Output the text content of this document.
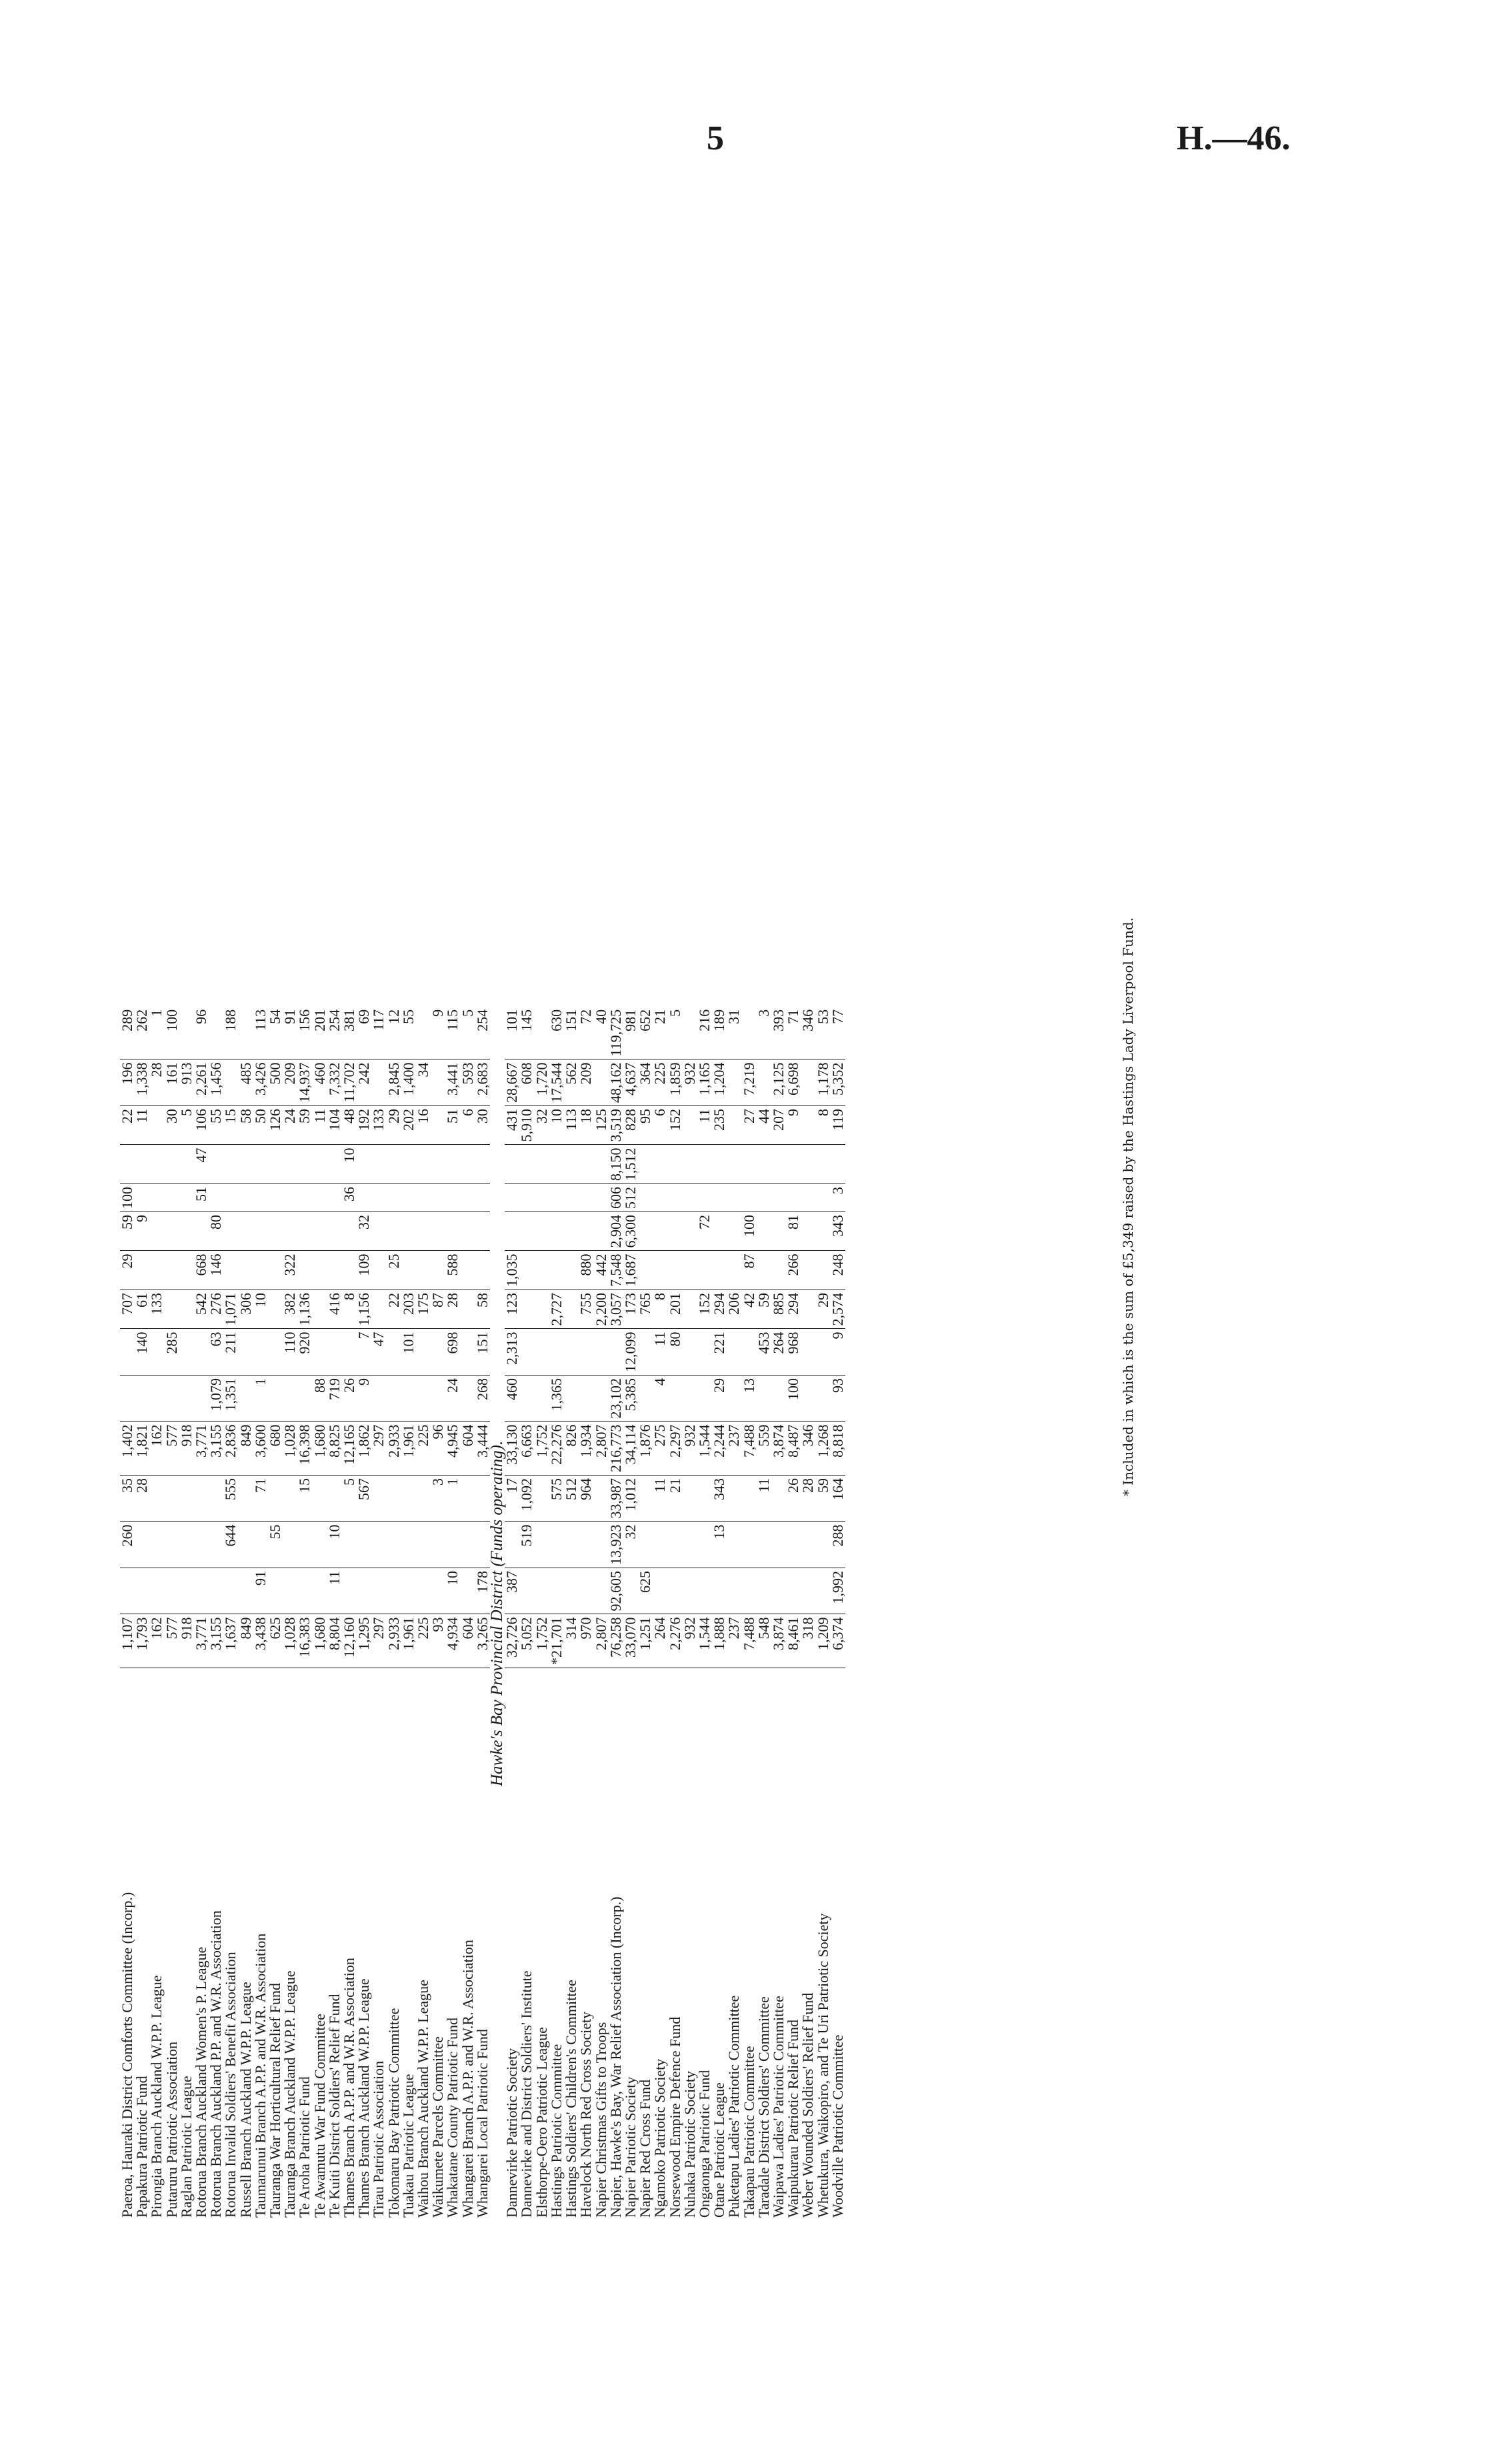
5	H.—46.
Paeroa, Hauraki District Comforts Committee (Incorp.)	1,107		260	35	1,402			707	29	59	100		22	196	289
Papakura Patriotic Fund	1,793			28	1,821		140	61		9			11	1,338	262
Pirongia Branch Auckland W.P.P. League	162				162			133						28	1
Putaruru Patriotic Association	577				577		285						30	161	100
Raglan Patriotic League	918				918								5	913	
Rotorua Branch Auckland Women's P. League	3,771				3,771			542	668		51	47	106	2,261	96
Rotorua Branch Auckland P.P. and W.R. Association	3,155				3,155	1,079	63	276	146	80			55	1,456	
Rotorua Invalid Soldiers' Benefit Association	1,637		644	555	2,836	1,351	211	1,071					15		188
Russell Branch Auckland W.P.P. League	849				849			306					58	485	
Taumarunui Branch A.P.P. and W.R. Association	3,438	91		71	3,600	1		10					50	3,426	113
Tauranga War Horticultural Relief Fund	625		55		680								126	500	54
Tauranga Branch Auckland W.P.P. League	1,028				1,028		110	382	322				24	209	91
Te Aroha Patriotic Fund	16,383			15	16,398		920	1,136					59	14,937	156
Te Awamutu War Fund Committee	1,680				1,680	88							11	460	201
Te Kuiti District Soldiers' Relief Fund	8,804	11	10		8,825	719		416					104	7,332	254
Thames Branch A.P.P. and W.R. Association	12,160			5	12,165	26		8			36	10	48	11,702	381
Thames Branch Auckland W.P.P. League	1,295			567	1,862	9	7	1,156	109	32			192	242	69
Tirau Patriotic Association	297				297		47						133		117
Tokomaru Bay Patriotic Committee	2,933				2,933			22	25				29	2,845	12
Tuakau Patriotic League	1,961				1,961		101	203					202	1,400	55
Waihou Branch Auckland W.P.P. League	225				225			175					16	34	
Waikumete Parcels Committee	93			3	96			87							9
Whakatane County Patriotic Fund	4,934	10		1	4,945	24	698	28	588				51	3,441	115
Whangarei Branch A.P.P. and W.R. Association	604				604								6	593	5
Whangarei Local Patriotic Fund	3,265	178			3,444	268	151	58					30	2,683	254
Hawke's Bay Provincial District (Funds operating).															
Dannevirke Patriotic Society	32,726	387		17	33,130	460	2,313	123	1,035				431	28,667	101
Dannevirke and District Soldiers' Institute	5,052		519	1,092	6,663								5,910	608	145
Elsthorpe-Oero Patriotic League	1,752				1,752								32	1,720	
Hastings Patriotic Committee	*21,701			575	22,276	1,365		2,727					10	17,544	630
Hastings Soldiers' Children's Committee	314			512	826								113	562	151
Havelock North Red Cross Society	970			964	1,934			755	880				18	209	72
Napier Christmas Gifts to Troops	2,807				2,807			2,200	442				125		40
Napier, Hawke's Bay, War Relief Association (Incorp.)	76,258	92,605	13,923	33,987	216,773	23,102		3,057	7,548	2,904	606	8,150	3,519	48,162	119,725
Napier Patriotic Society	33,070		32	1,012	34,114	5,385	12,099	173	1,687	6,300	512	1,512	828	4,637	981
Napier Red Cross Fund	1,251	625			1,876			765					95	364	652
Ngamoko Patriotic Society	264			11	275	4	11	8					6	225	21
Norsewood Empire Defence Fund	2,276			21	2,297		80	201					152	1,859	5
Nuhaka Patriotic Society	932				932									932	
Ongaonga Patriotic Fund	1,544				1,544			152		72			11	1,165	216
Otane Patriotic League	1,888		13	343	2,244	29	221	294					235	1,204	189
Puketapu Ladies' Patriotic Committee	237				237			206							31
Takapau Patriotic Committee	7,488				7,488	13		42	87	100			27	7,219	
Taradale District Soldiers' Committee	548			11	559		453	59					44		3
Waipawa Ladies' Patriotic Committee	3,874				3,874		264	885					207	2,125	393
Waipukurau Patriotic Relief Fund	8,461			26	8,487	100	968	294	266	81			9	6,698	71
Weber Wounded Soldiers' Relief Fund	318			28	346										346
Whetukura, Waikopiro, and Te Uri Patriotic Society	1,209			59	1,268			29					8	1,178	53
Woodville Patriotic Committee	6,374	1,992	288	164	8,818	93	9	2,574	248	343	3		119	5,352	77	* Included in which is the sum of £5,349 raised by the Hastings Lady Liverpool Fund.
